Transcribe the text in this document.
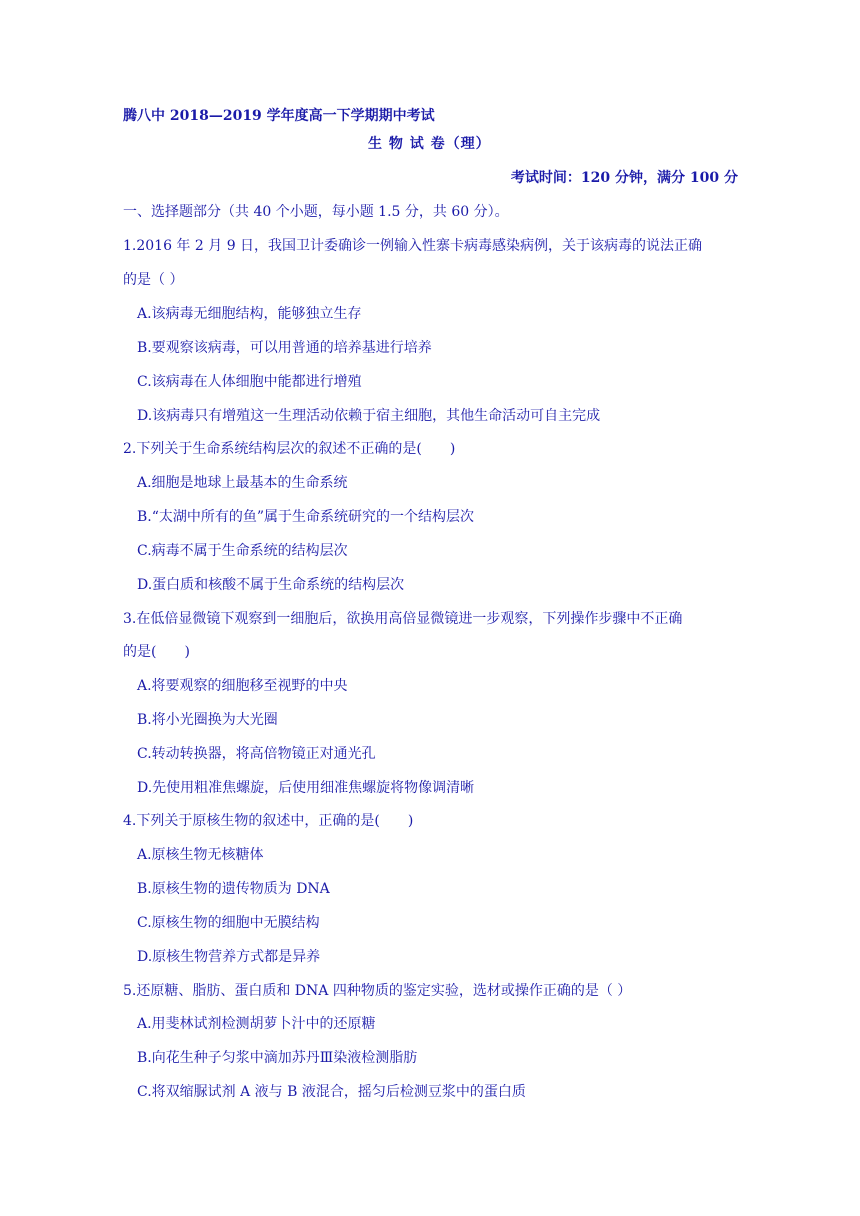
腾八中 2018—2019 学年度高一下学期期中考试
生 物 试 卷（理）
考试时间：120 分钟，满分 100 分
一、选择题部分（共 40 个小题，每小题 1.5 分，共 60 分）。
1.2016 年 2 月 9 日，我国卫计委确诊一例输入性寨卡病毒感染病例，关于该病毒的说法正确
的是（ ）
A.该病毒无细胞结构，能够独立生存
B.要观察该病毒，可以用普通的培养基进行培养
C.该病毒在人体细胞中能都进行增殖
D.该病毒只有增殖这一生理活动依赖于宿主细胞，其他生命活动可自主完成
2.下列关于生命系统结构层次的叙述不正确的是(　　)
A.细胞是地球上最基本的生命系统
B.“太湖中所有的鱼”属于生命系统研究的一个结构层次
C.病毒不属于生命系统的结构层次
D.蛋白质和核酸不属于生命系统的结构层次
3.在低倍显微镜下观察到一细胞后，欲换用高倍显微镜进一步观察，下列操作步骤中不正确
的是(　　)
A.将要观察的细胞移至视野的中央
B.将小光圈换为大光圈
C.转动转换器，将高倍物镜正对通光孔
D.先使用粗准焦螺旋，后使用细准焦螺旋将物像调清晰
4.下列关于原核生物的叙述中，正确的是(　　)
A.原核生物无核糖体
B.原核生物的遗传物质为 DNA
C.原核生物的细胞中无膜结构
D.原核生物营养方式都是异养
5.还原糖、脂肪、蛋白质和 DNA 四种物质的鉴定实验，选材或操作正确的是（ ）
A.用斐林试剂检测胡萝卜汁中的还原糖
B.向花生种子匀浆中滴加苏丹Ⅲ染液检测脂肪
C.将双缩脲试剂 A 液与 B 液混合，摇匀后检测豆浆中的蛋白质
